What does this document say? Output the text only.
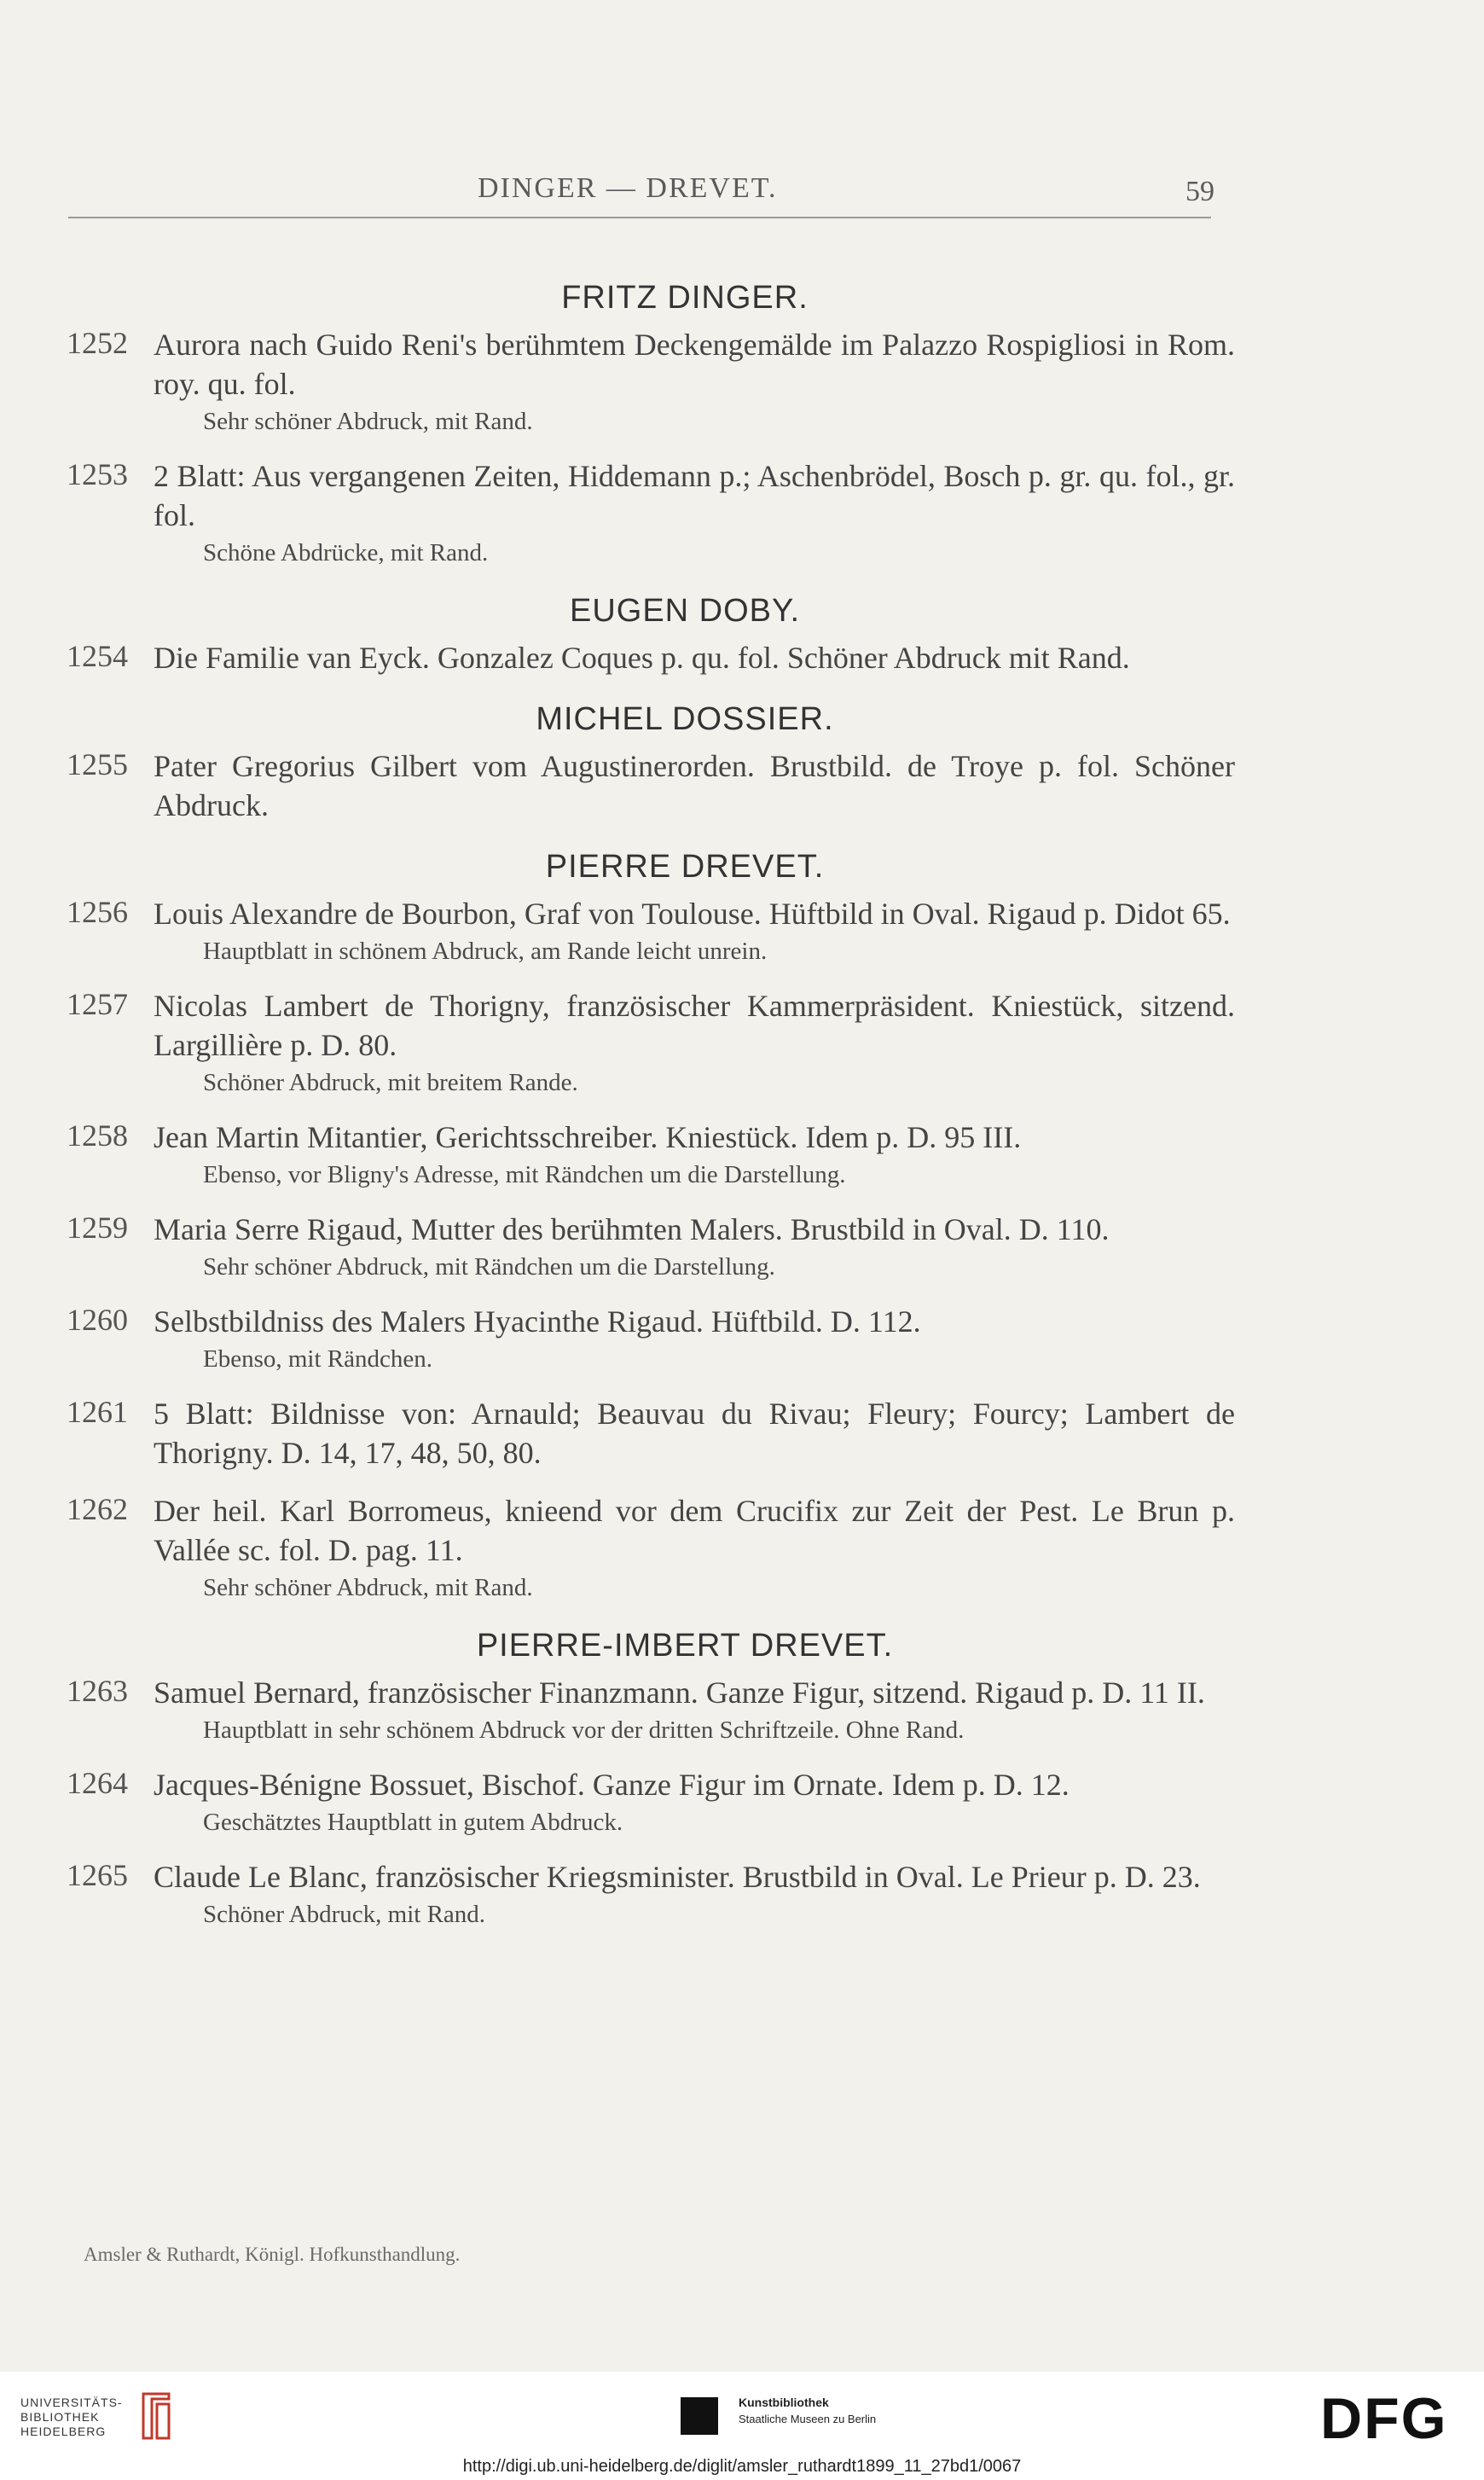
DINGER — DREVET.	59
FRITZ DINGER.
1252 Aurora nach Guido Reni's berühmtem Deckengemälde im Palazzo Rospigliosi in Rom. roy. qu. fol.
Sehr schöner Abdruck, mit Rand.
1253 2 Blatt: Aus vergangenen Zeiten, Hiddemann p.; Aschenbrödel, Bosch p. gr. qu. fol., gr. fol.
Schöne Abdrücke, mit Rand.
EUGEN DOBY.
1254 Die Familie van Eyck. Gonzalez Coques p. qu. fol. Schöner Abdruck mit Rand.
MICHEL DOSSIER.
1255 Pater Gregorius Gilbert vom Augustinerorden. Brustbild. de Troye p. fol. Schöner Abdruck.
PIERRE DREVET.
1256 Louis Alexandre de Bourbon, Graf von Toulouse. Hüftbild in Oval. Rigaud p. Didot 65.
Hauptblatt in schönem Abdruck, am Rande leicht unrein.
1257 Nicolas Lambert de Thorigny, französischer Kammerpräsident. Kniestück, sitzend. Largillière p. D. 80.
Schöner Abdruck, mit breitem Rande.
1258 Jean Martin Mitantier, Gerichtsschreiber. Kniestück. Idem p. D. 95 III.
Ebenso, vor Bligny's Adresse, mit Rändchen um die Darstellung.
1259 Maria Serre Rigaud, Mutter des berühmten Malers. Brustbild in Oval. D. 110.
Sehr schöner Abdruck, mit Rändchen um die Darstellung.
1260 Selbstbildniss des Malers Hyacinthe Rigaud. Hüftbild. D. 112.
Ebenso, mit Rändchen.
1261 5 Blatt: Bildnisse von: Arnauld; Beauvau du Rivau; Fleury; Fourcy; Lambert de Thorigny. D. 14, 17, 48, 50, 80.
1262 Der heil. Karl Borromeus, knieend vor dem Crucifix zur Zeit der Pest. Le Brun p. Vallée sc. fol. D. pag. 11.
Sehr schöner Abdruck, mit Rand.
PIERRE-IMBERT DREVET.
1263 Samuel Bernard, französischer Finanzmann. Ganze Figur, sitzend. Rigaud p. D. 11 II.
Hauptblatt in sehr schönem Abdruck vor der dritten Schriftzeile. Ohne Rand.
1264 Jacques-Bénigne Bossuet, Bischof. Ganze Figur im Ornate. Idem p. D. 12.
Geschätztes Hauptblatt in gutem Abdruck.
1265 Claude Le Blanc, französischer Kriegsminister. Brustbild in Oval. Le Prieur p. D. 23.
Schöner Abdruck, mit Rand.
Amsler & Ruthardt, Königl. Hofkunsthandlung.
UNIVERSITÄTS-
BIBLIOTHEK
HEIDELBERG
Kunstbibliothek
Staatliche Museen zu Berlin	DFG
http://digi.ub.uni-heidelberg.de/diglit/amsler_ruthardt1899_11_27bd1/0067
